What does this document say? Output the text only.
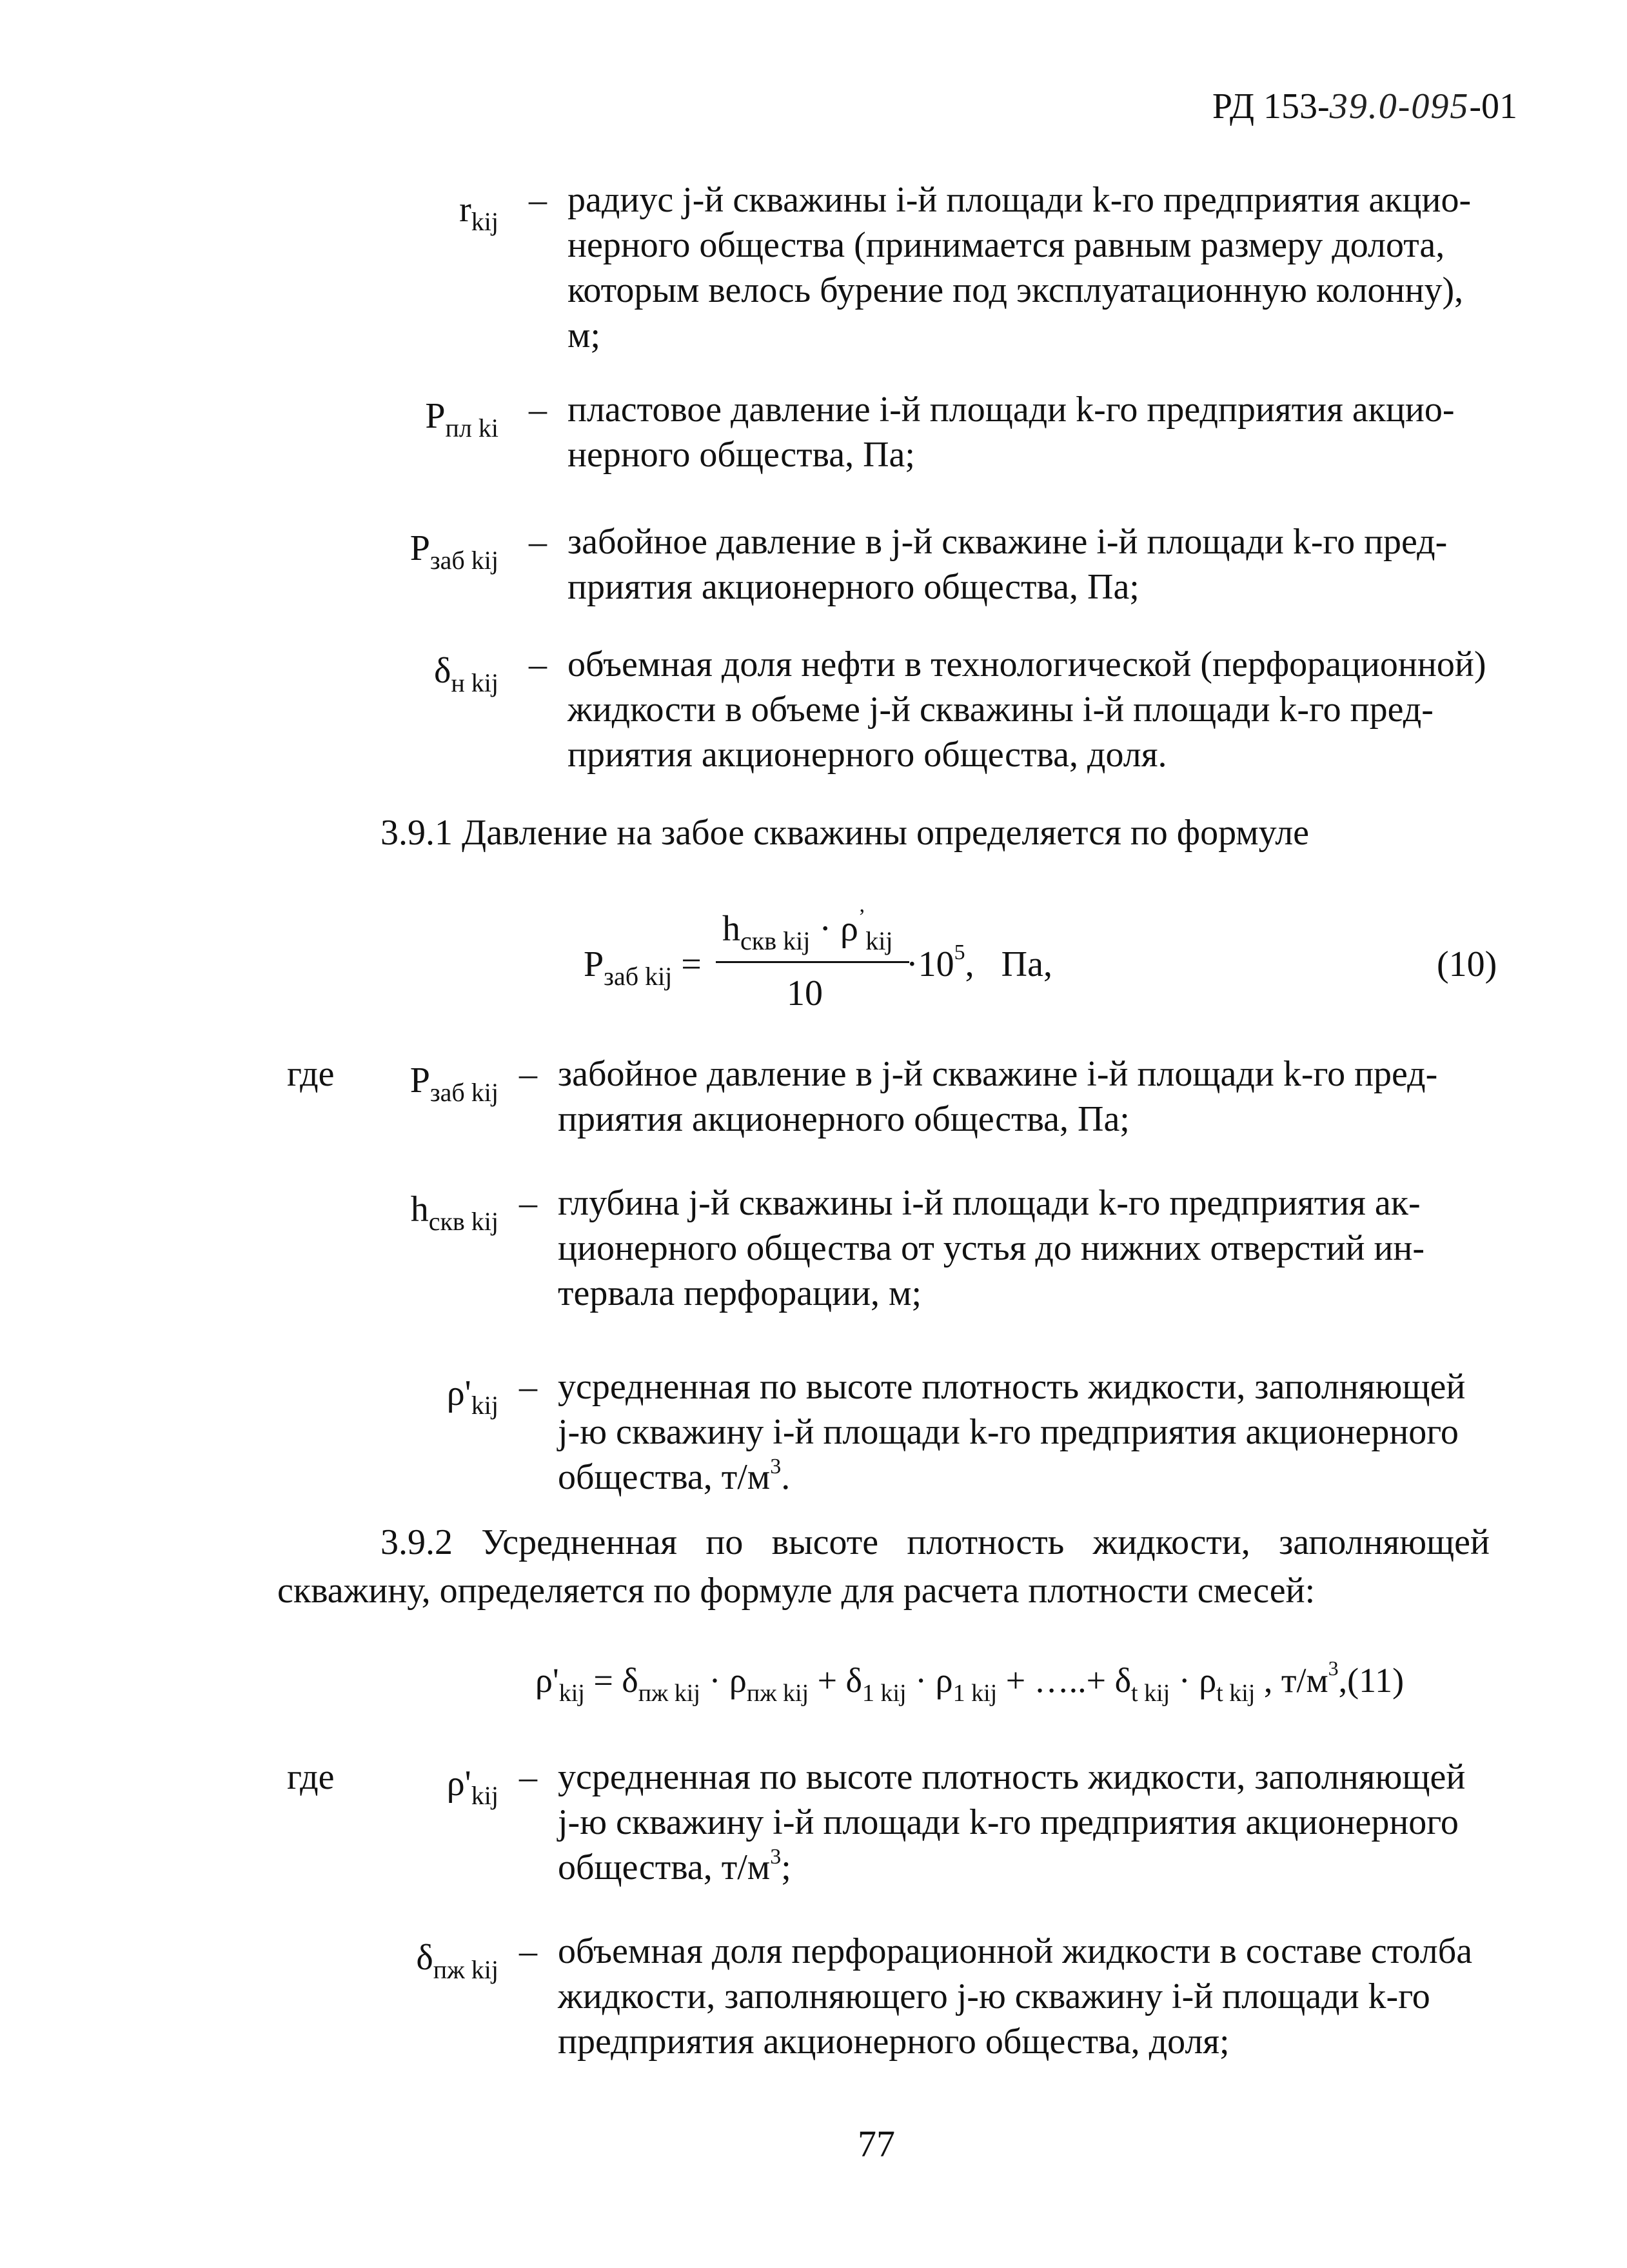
РД 153-39.0-095-01
$r_{kij}$
– радиус j-й скважины i-й площади k-го предприятия акцио-
нерного общества (принимается равным размеру долота,
которым велось бурение под эксплуатационную колонну),
м;
$P_{пл ki}$ – пластовое давление i-й площади k-го предприятия акцио-
нерного общества, Па;
$P_{заб kij}$ – забойное давление в j-й скважине i-й площади k-го пред-
приятия акционерного общества, Па;
$\delta_{н kij}$ – объемная доля нефти в технологической (перфорационной)
жидкости в объеме j-й скважины i-й площади k-го пред-
приятия акционерного общества, доля.
3.9.1 Давление на забое скважины определяется по формуле
$P_{заб kij}$ =
$h_{скв kij} \cdot \rho^’_{kij}$
10
$\cdot 10^5$,   Па,	(10)
где $P_{заб kij}$ – забойное давление в j-й скважине i-й площади k-го пред-
приятия акционерного общества, Па;
$h_{скв kij}$ – глубина j-й скважины i-й площади k-го предприятия ак-
ционерного общества от устья до нижних отверстий ин-
тервала перфорации, м;
$\rho'_{kij}$ – усредненная по высоте плотность жидкости, заполняющей
j-ю скважину i-й площади k-го предприятия акционерного
общества, $т/м^3$.
3.9.2 Усредненная по высоте плотность жидкости, заполняющей
скважину, определяется по формуле для расчета плотности смесей:
$\rho'_{kij} = \delta_{пж kij} \cdot \rho_{пж kij} + \delta_{1 kij} \cdot \rho_{1 kij}$ + …..+ $\delta_{t kij} \cdot \rho_{t kij}$ , $т/м^3,(11)$
где	$\rho'_{kij}$ – усредненная по высоте плотность жидкости, заполняющей
j-ю скважину i-й площади k-го предприятия акционерного
общества, $т/м^3$;
$\delta_{пж kij}$ – объемная доля перфорационной жидкости в составе столба
жидкости, заполняющего j-ю скважину i-й площади k-го
предприятия акционерного общества, доля;
77
